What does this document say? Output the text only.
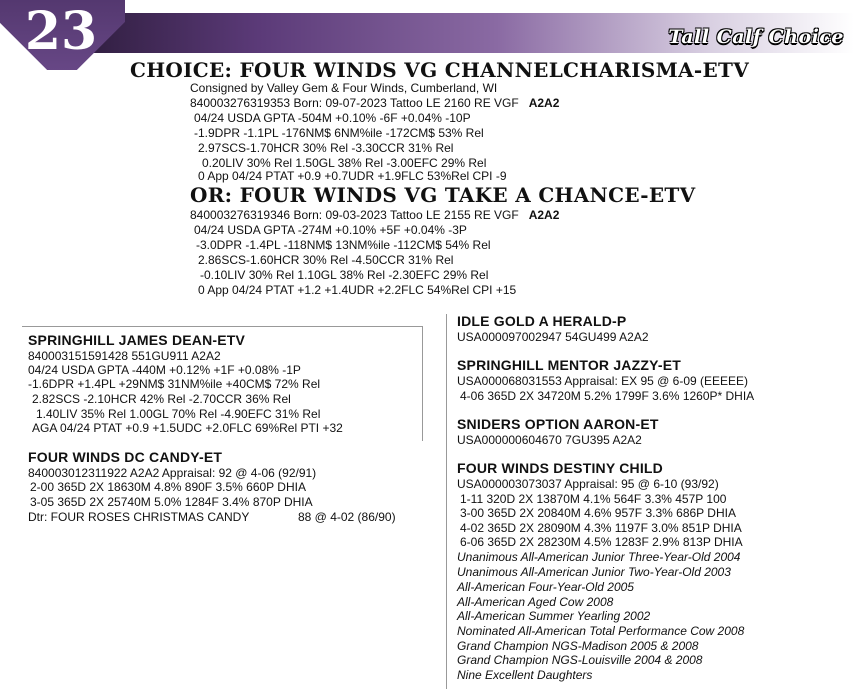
23	Tall Calf Choice
CHOICE: FOUR WINDS VG CHANNELCHARISMA-ETV
Consigned by Valley Gem & Four Winds, Cumberland, WI
840003276319353 Born: 09-07-2023 Tattoo LE 2160 RE VGF A2A2
04/24 USDA GPTA -504M +0.10% -6F +0.04% -10P
-1.9DPR -1.1PL -176NM$ 6NM%ile -172CM$ 53% Rel
2.97SCS-1.70HCR 30% Rel -3.30CCR 31% Rel
0.20LIV 30% Rel 1.50GL 38% Rel -3.00EFC 29% Rel
0 App 04/24 PTAT +0.9 +0.7UDR +1.9FLC 53%Rel CPI -9
OR: FOUR WINDS VG TAKE A CHANCE-ETV
840003276319346 Born: 09-03-2023 Tattoo LE 2155 RE VGF A2A2
04/24 USDA GPTA -274M +0.10% +5F +0.04% -3P
-3.0DPR -1.4PL -118NM$ 13NM%ile -112CM$ 54% Rel
2.86SCS-1.60HCR 30% Rel -4.50CCR 31% Rel
-0.10LIV 30% Rel 1.10GL 38% Rel -2.30EFC 29% Rel
0 App 04/24 PTAT +1.2 +1.4UDR +2.2FLC 54%Rel CPI +15
SPRINGHILL JAMES DEAN-ETV
840003151591428 551GU911 A2A2
04/24 USDA GPTA -440M +0.12% +1F +0.08% -1P
-1.6DPR +1.4PL +29NM$ 31NM%ile +40CM$ 72% Rel
2.82SCS -2.10HCR 42% Rel -2.70CCR 36% Rel
1.40LIV 35% Rel 1.00GL 70% Rel -4.90EFC 31% Rel
AGA 04/24 PTAT +0.9 +1.5UDC +2.0FLC 69%Rel PTI +32
FOUR WINDS DC CANDY-ET
840003012311922 A2A2 Appraisal: 92 @ 4-06 (92/91)
2-00 365D 2X 18630M 4.8% 890F 3.5% 660P DHIA
3-05 365D 2X 25740M 5.0% 1284F 3.4% 870P DHIA
Dtr: FOUR ROSES CHRISTMAS CANDY	88 @ 4-02 (86/90)
IDLE GOLD A HERALD-P
USA000097002947 54GU499 A2A2
SPRINGHILL MENTOR JAZZY-ET
USA000068031553 Appraisal: EX 95 @ 6-09 (EEEEE)
4-06 365D 2X 34720M 5.2% 1799F 3.6% 1260P* DHIA
SNIDERS OPTION AARON-ET
USA000000604670 7GU395 A2A2
FOUR WINDS DESTINY CHILD
USA000003073037 Appraisal: 95 @ 6-10 (93/92)
1-11 320D 2X 13870M 4.1% 564F 3.3% 457P 100
3-00 365D 2X 20840M 4.6% 957F 3.3% 686P DHIA
4-02 365D 2X 28090M 4.3% 1197F 3.0% 851P DHIA
6-06 365D 2X 28230M 4.5% 1283F 2.9% 813P DHIA
Unanimous All-American Junior Three-Year-Old 2004
Unanimous All-American Junior Two-Year-Old 2003
All-American Four-Year-Old 2005
All-American Aged Cow 2008
All-American Summer Yearling 2002
Nominated All-American Total Performance Cow 2008
Grand Champion NGS-Madison 2005 & 2008
Grand Champion NGS-Louisville 2004 & 2008
Nine Excellent Daughters
